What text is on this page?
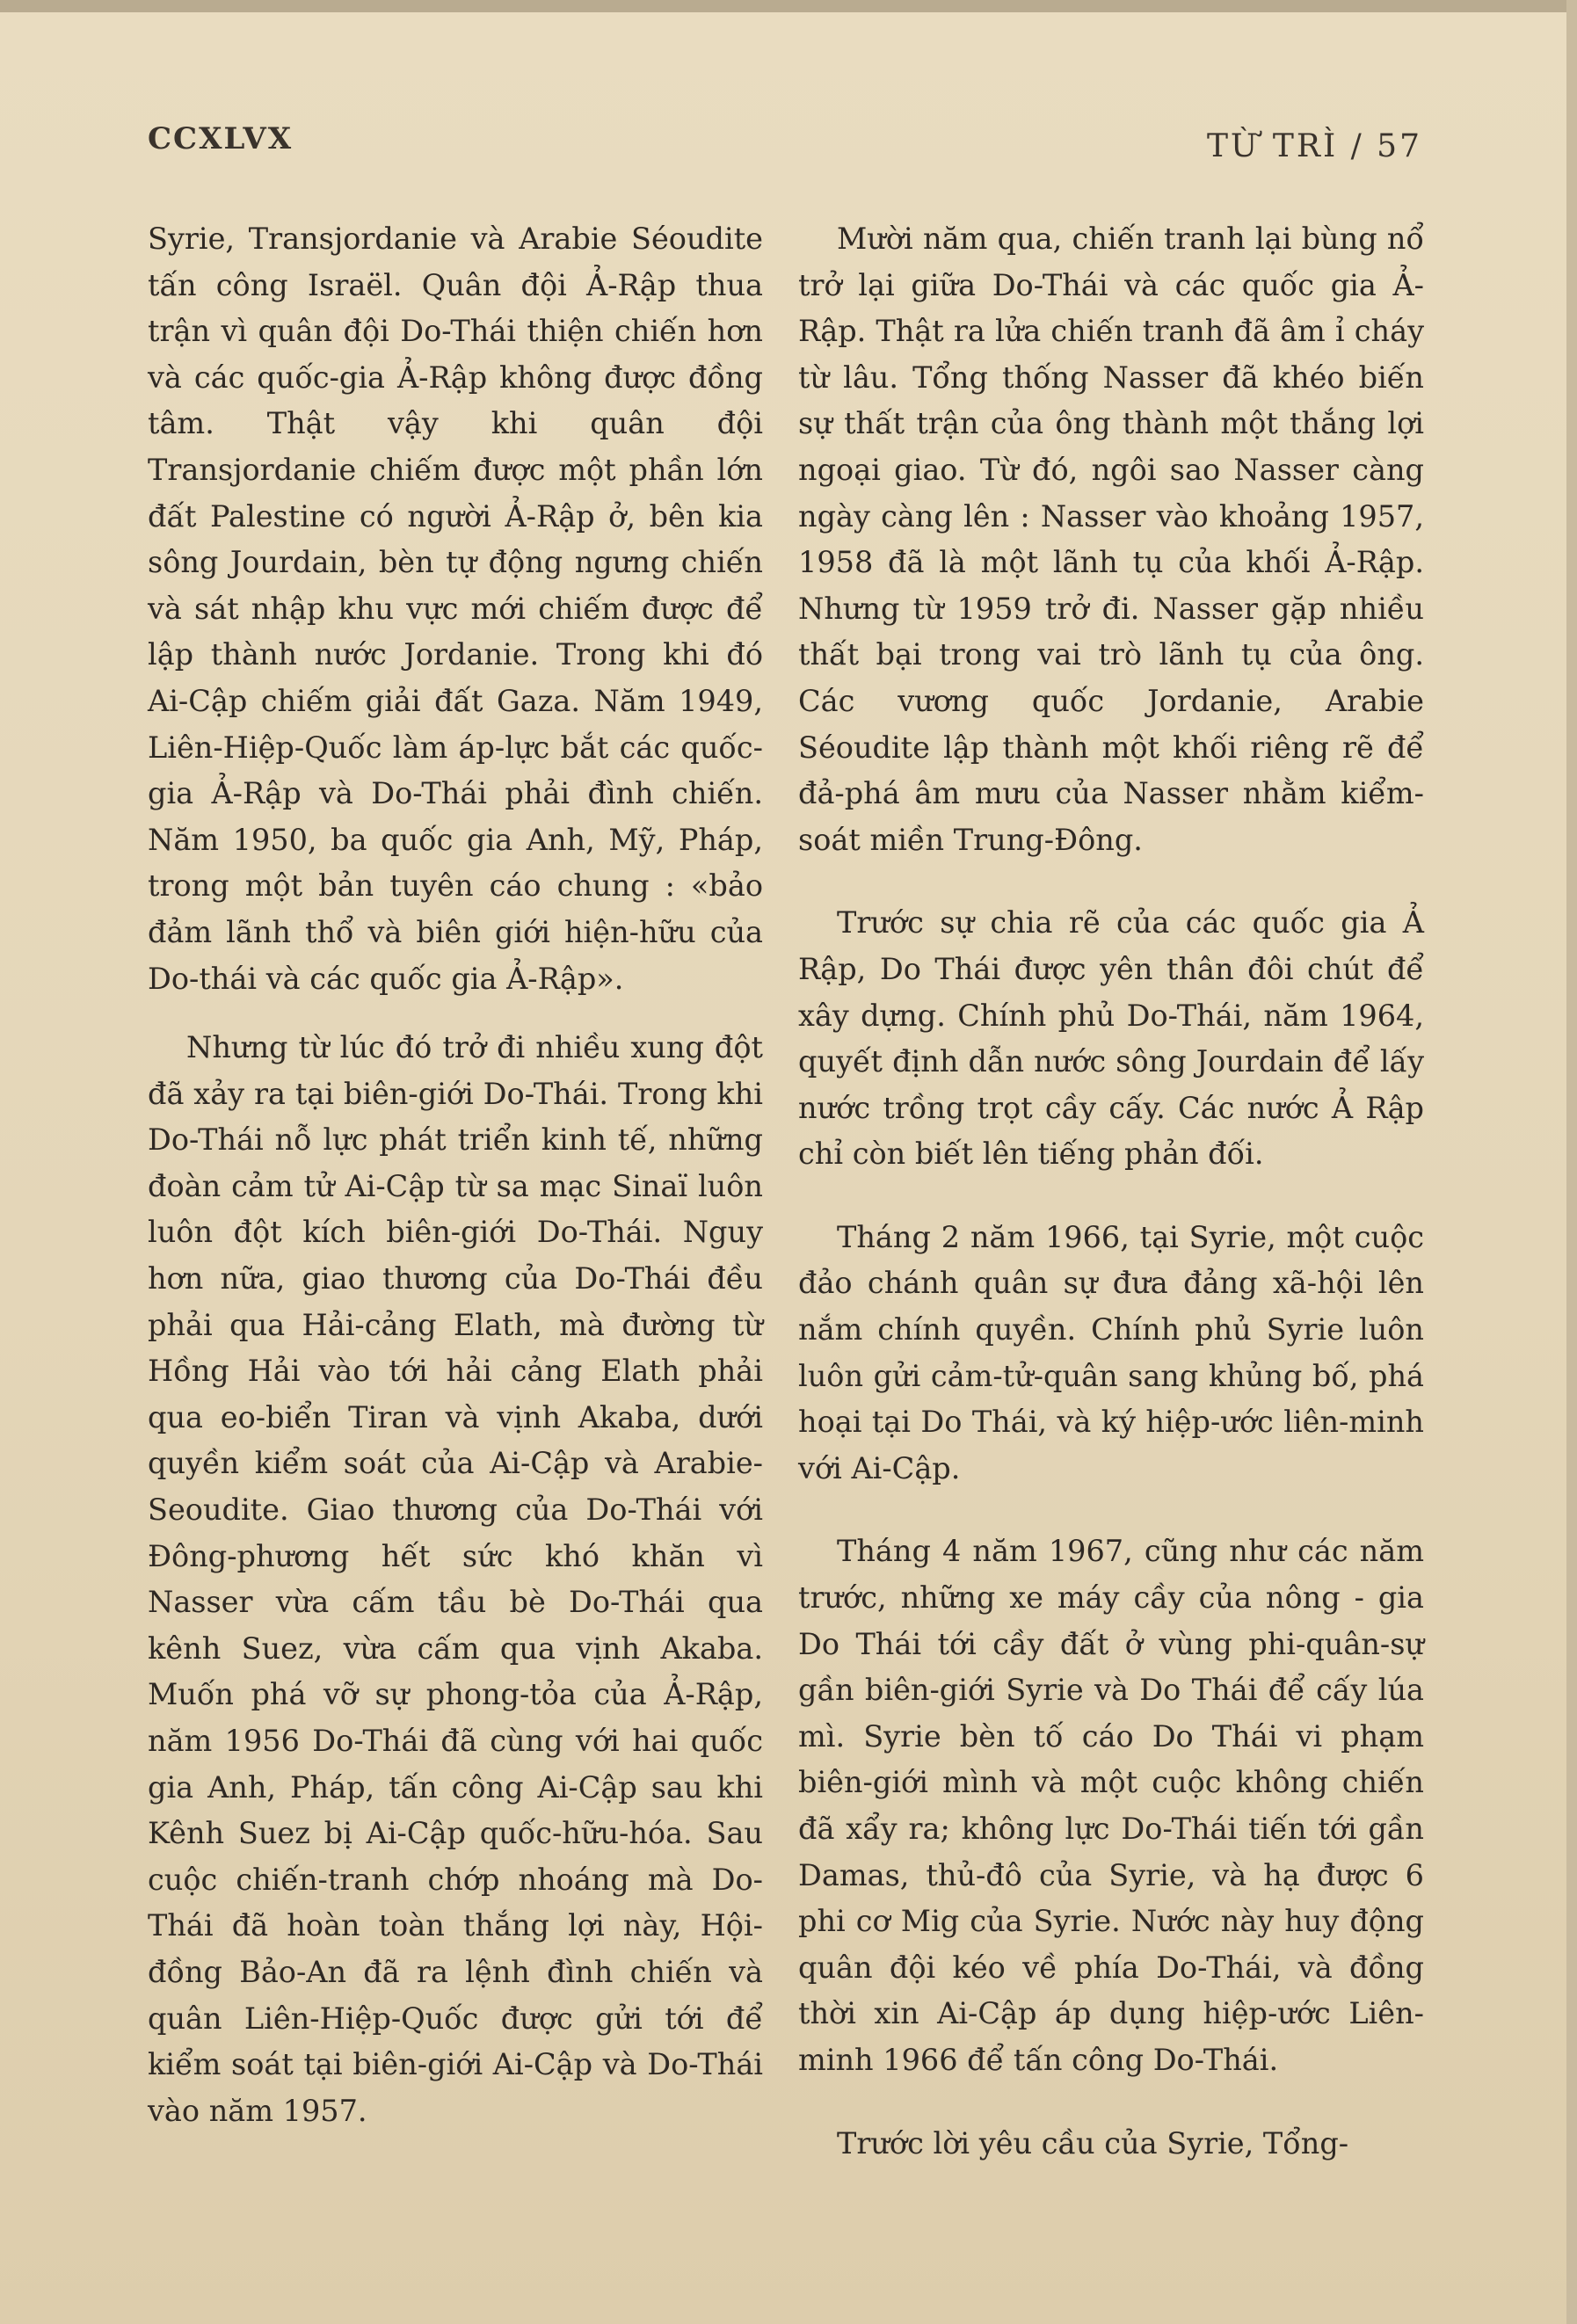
CCXLVX	TỪ TRÌ / 57

Syrie, Transjordanie và Arabie Séoudite tấn công Israël. Quân đội Ả-Rập thua trận vì quân đội Do-Thái thiện chiến hơn và các quốc-gia Ả-Rập không được đồng tâm. Thật vậy khi quân đội Transjordanie chiếm được một phần lớn đất Palestine có người Ả-Rập ở, bên kia sông Jourdain, bèn tự động ngưng chiến và sát nhập khu vực mới chiếm được để lập thành nước Jordanie. Trong khi đó Ai-Cập chiếm giải đất Gaza. Năm 1949, Liên-Hiệp-Quốc làm áp-lực bắt các quốc-gia Ả-Rập và Do-Thái phải đình chiến. Năm 1950, ba quốc gia Anh, Mỹ, Pháp, trong một bản tuyên cáo chung : «bảo đảm lãnh thổ và biên giới hiện-hữu của Do-thái và các quốc gia Ả-Rập».

Nhưng từ lúc đó trở đi nhiều xung đột đã xảy ra tại biên-giới Do-Thái. Trong khi Do-Thái nỗ lực phát triển kinh tế, những đoàn cảm tử Ai-Cập từ sa mạc Sinaï luôn luôn đột kích biên-giới Do-Thái. Nguy hơn nữa, giao thương của Do-Thái đều phải qua Hải-cảng Elath, mà đường từ Hồng Hải vào tới hải cảng Elath phải qua eo-biển Tiran và vịnh Akaba, dưới quyền kiểm soát của Ai-Cập và Arabie-Seoudite. Giao thương của Do-Thái với Đông-phương hết sức khó khăn vì Nasser vừa cấm tầu bè Do-Thái qua kênh Suez, vừa cấm qua vịnh Akaba. Muốn phá vỡ sự phong-tỏa của Ả-Rập, năm 1956 Do-Thái đã cùng với hai quốc gia Anh, Pháp, tấn công Ai-Cập sau khi Kênh Suez bị Ai-Cập quốc-hữu-hóa. Sau cuộc chiến-tranh chớp nhoáng mà Do-Thái đã hoàn toàn thắng lợi này, Hội-đồng Bảo-An đã ra lệnh đình chiến và quân Liên-Hiệp-Quốc được gửi tới để kiểm soát tại biên-giới Ai-Cập và Do-Thái vào năm 1957.

Mười năm qua, chiến tranh lại bùng nổ trở lại giữa Do-Thái và các quốc gia Ả-Rập. Thật ra lửa chiến tranh đã âm ỉ cháy từ lâu. Tổng thống Nasser đã khéo biến sự thất trận của ông thành một thắng lợi ngoại giao. Từ đó, ngôi sao Nasser càng ngày càng lên : Nasser vào khoảng 1957, 1958 đã là một lãnh tụ của khối Ả-Rập. Nhưng từ 1959 trở đi. Nasser gặp nhiều thất bại trong vai trò lãnh tụ của ông. Các vương quốc Jordanie, Arabie Séoudite lập thành một khối riêng rẽ để đả-phá âm mưu của Nasser nhằm kiểm-soát miền Trung-Đông.

Trước sự chia rẽ của các quốc gia Ả Rập, Do Thái được yên thân đôi chút để xây dựng. Chính phủ Do-Thái, năm 1964, quyết định dẫn nước sông Jourdain để lấy nước trồng trọt cầy cấy. Các nước Ả Rập chỉ còn biết lên tiếng phản đối.

Tháng 2 năm 1966, tại Syrie, một cuộc đảo chánh quân sự đưa đảng xã-hội lên nắm chính quyền. Chính phủ Syrie luôn luôn gửi cảm-tử-quân sang khủng bố, phá hoại tại Do Thái, và ký hiệp-ước liên-minh với Ai-Cập.

Tháng 4 năm 1967, cũng như các năm trước, những xe máy cầy của nông - gia Do Thái tới cầy đất ở vùng phi-quân-sự gần biên-giới Syrie và Do Thái để cấy lúa mì. Syrie bèn tố cáo Do Thái vi phạm biên-giới mình và một cuộc không chiến đã xẩy ra; không lực Do-Thái tiến tới gần Damas, thủ-đô của Syrie, và hạ được 6 phi cơ Mig của Syrie. Nước này huy động quân đội kéo về phía Do-Thái, và đồng thời xin Ai-Cập áp dụng hiệp-ước Liên-minh 1966 để tấn công Do-Thái.

Trước lời yêu cầu của Syrie, Tổng-
